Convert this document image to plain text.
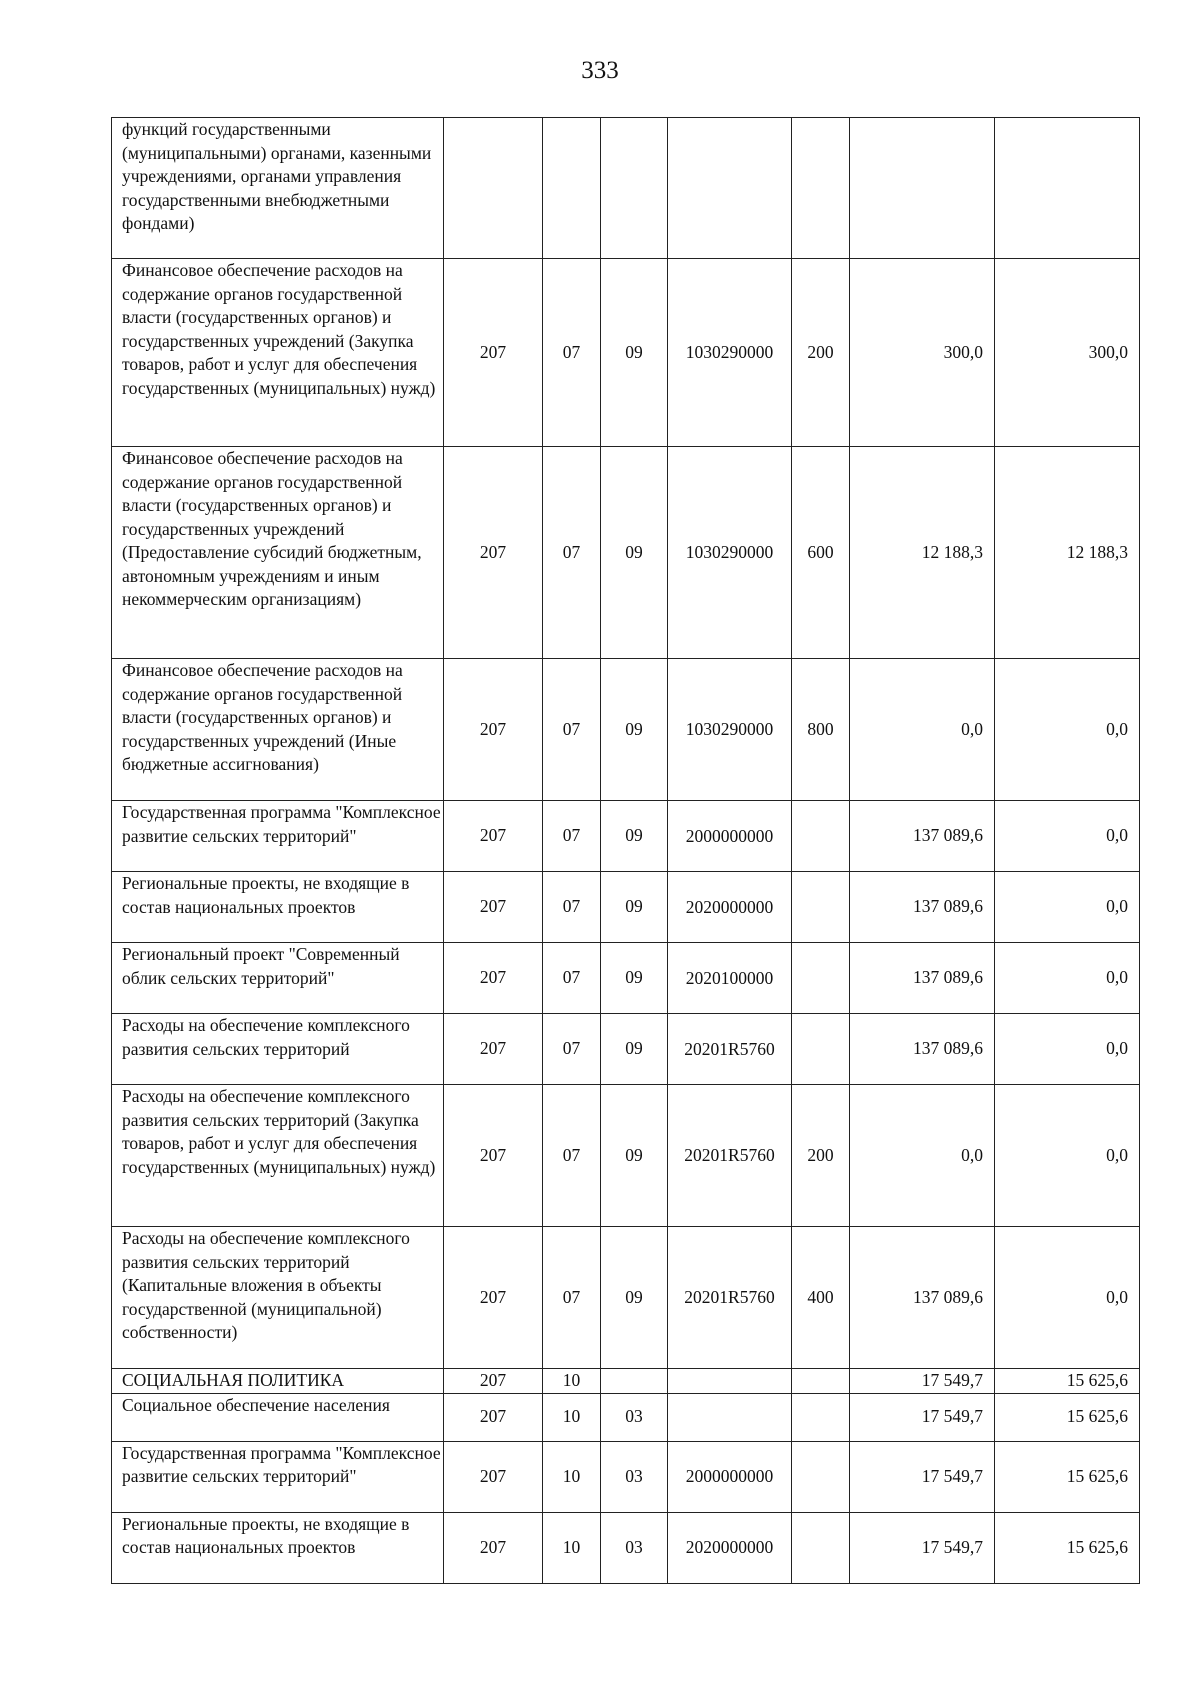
333
функций государственными (муниципальными) органами, казенными учреждениями, органами управления государственными внебюджетными фондами)							
Финансовое обеспечение расходов на содержание органов государственной власти (государственных органов) и государственных учреждений (Закупка товаров, работ и услуг для обеспечения государственных (муниципальных) нужд)	207	07	09	1030290000	200	300,0	300,0
Финансовое обеспечение расходов на содержание органов государственной власти (государственных органов) и государственных учреждений (Предоставление субсидий бюджетным, автономным учреждениям и иным некоммерческим организациям)	207	07	09	1030290000	600	12 188,3	12 188,3
Финансовое обеспечение расходов на содержание органов государственной власти (государственных органов) и государственных учреждений (Иные бюджетные ассигнования)	207	07	09	1030290000	800	0,0	0,0
Государственная программа "Комплексное развитие сельских территорий"	207	07	09	2000000000		137 089,6	0,0
Региональные проекты, не входящие в состав национальных проектов	207	07	09	2020000000		137 089,6	0,0
Региональный проект "Современный облик сельских территорий"	207	07	09	2020100000		137 089,6	0,0
Расходы на обеспечение комплексного развития сельских территорий	207	07	09	20201R5760		137 089,6	0,0
Расходы на обеспечение комплексного развития сельских территорий (Закупка товаров, работ и услуг для обеспечения государственных (муниципальных) нужд)	207	07	09	20201R5760	200	0,0	0,0
Расходы на обеспечение комплексного развития сельских территорий (Капитальные вложения в объекты государственной (муниципальной) собственности)	207	07	09	20201R5760	400	137 089,6	0,0
СОЦИАЛЬНАЯ ПОЛИТИКА	207	10				17 549,7	15 625,6
Социальное обеспечение населения	207	10	03			17 549,7	15 625,6
Государственная программа "Комплексное развитие сельских территорий"	207	10	03	2000000000		17 549,7	15 625,6
Региональные проекты, не входящие в состав национальных проектов	207	10	03	2020000000		17 549,7	15 625,6
